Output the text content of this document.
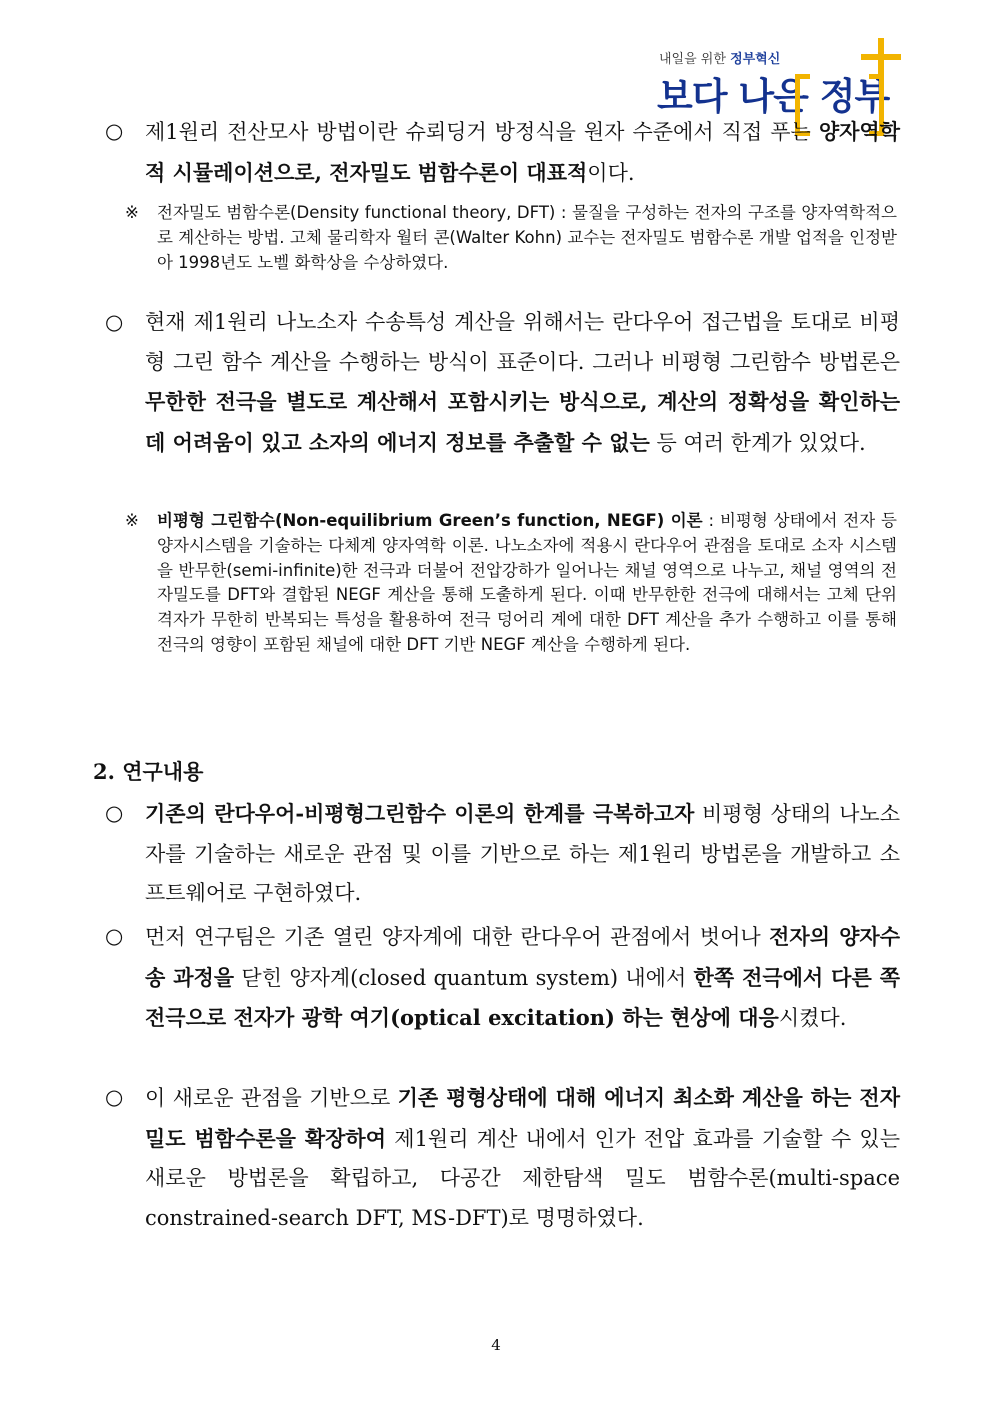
내일을 위한 정부혁신
보다 나은 정부
○	제1원리 전산모사 방법이란 슈뢰딩거 방정식을 원자 수준에서 직접 푸는 양자역학적 시뮬레이션으로, 전자밀도 범함수론이 대표적이다.
※ 전자밀도 범함수론(Density functional theory, DFT) : 물질을 구성하는 전자의 구조를 양자역학적으로 계산하는 방법. 고체 물리학자 월터 콘(Walter Kohn) 교수는 전자밀도 범함수론 개발 업적을 인정받아 1998년도 노벨 화학상을 수상하였다.
○	현재 제1원리 나노소자 수송특성 계산을 위해서는 란다우어 접근법을 토대로 비평형 그린 함수 계산을 수행하는 방식이 표준이다. 그러나 비평형 그린함수 방법론은 무한한 전극을 별도로 계산해서 포함시키는 방식으로, 계산의 정확성을 확인하는데 어려움이 있고 소자의 에너지 정보를 추출할 수 없는 등 여러 한계가 있었다.
※ 비평형 그린함수(Non-equilibrium Green’s function, NEGF) 이론 : 비평형 상태에서 전자 등 양자시스템을 기술하는 다체계 양자역학 이론. 나노소자에 적용시 란다우어 관점을 토대로 소자 시스템을 반무한(semi-infinite)한 전극과 더불어 전압강하가 일어나는 채널 영역으로 나누고, 채널 영역의 전자밀도를 DFT와 결합된 NEGF 계산을 통해 도출하게 된다. 이때 반무한한 전극에 대해서는 고체 단위격자가 무한히 반복되는 특성을 활용하여 전극 덩어리 계에 대한 DFT 계산을 추가 수행하고 이를 통해 전극의 영향이 포함된 채널에 대한 DFT 기반 NEGF 계산을 수행하게 된다.
2. 연구내용
○	기존의 란다우어-비평형그린함수 이론의 한계를 극복하고자 비평형 상태의 나노소자를 기술하는 새로운 관점 및 이를 기반으로 하는 제1원리 방법론을 개발하고 소프트웨어로 구현하였다.
○	먼저 연구팀은 기존 열린 양자계에 대한 란다우어 관점에서 벗어나 전자의 양자수송 과정을 닫힌 양자계(closed quantum system) 내에서 한쪽 전극에서 다른 쪽 전극으로 전자가 광학 여기(optical excitation) 하는 현상에 대응시켰다.
○	이 새로운 관점을 기반으로 기존 평형상태에 대해 에너지 최소화 계산을 하는 전자밀도 범함수론을 확장하여 제1원리 계산 내에서 인가 전압 효과를 기술할 수 있는 새로운 방법론을 확립하고, 다공간 제한탐색 밀도 범함수론(multi-space constrained-search DFT, MS-DFT)로 명명하였다.
4
